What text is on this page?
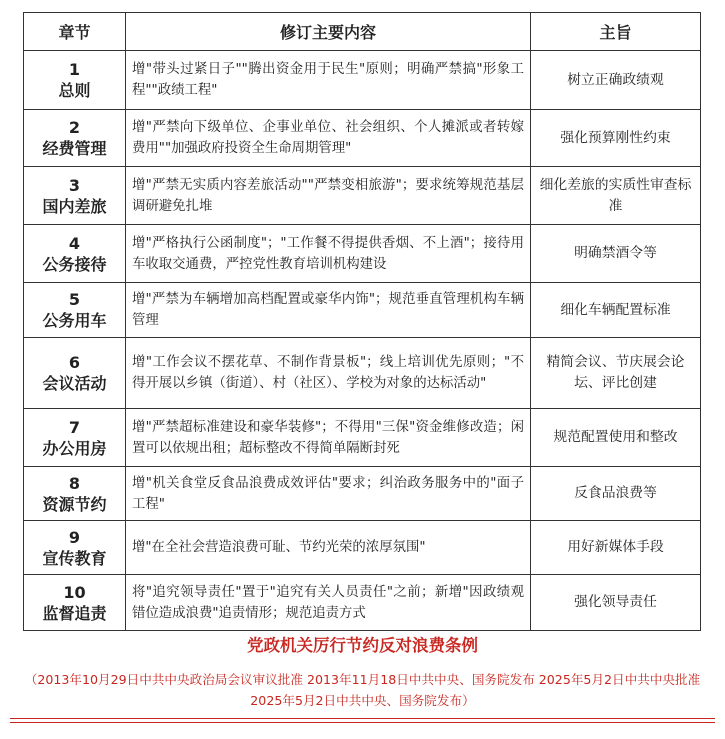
章节	修订主要内容	主旨

1
总则	增"带头过紧日子""腾出资金用于民生"原则；明确严禁搞"形象工程""政绩工程"	树立正确政绩观

2
经费管理	增"严禁向下级单位、企事业单位、社会组织、个人摊派或者转嫁费用""加强政府投资全生命周期管理"	强化预算刚性约束

3
国内差旅	增"严禁无实质内容差旅活动""严禁变相旅游"；要求统筹规范基层调研避免扎堆	细化差旅的实质性审查标准

4
公务接待	增"严格执行公函制度"；"工作餐不得提供香烟、不上酒"；接待用车收取交通费，严控党性教育培训机构建设	明确禁酒令等

5
公务用车	增"严禁为车辆增加高档配置或豪华内饰"；规范垂直管理机构车辆管理	细化车辆配置标准

6
会议活动	增"工作会议不摆花草、不制作背景板"；线上培训优先原则；"不得开展以乡镇（街道）、村（社区）、学校为对象的达标活动"	精简会议、节庆展会论坛、评比创建

7
办公用房	增"严禁超标准建设和豪华装修"；不得用"三保"资金维修改造；闲置可以依规出租；超标整改不得简单隔断封死	规范配置使用和整改

8
资源节约	增"机关食堂反食品浪费成效评估"要求；纠治政务服务中的"面子工程"	反食品浪费等

9
宣传教育	增"在全社会营造浪费可耻、节约光荣的浓厚氛围"	用好新媒体手段

10
监督追责	将"追究领导责任"置于"追究有关人员责任"之前；新增"因政绩观错位造成浪费"追责情形；规范追责方式	强化领导责任
党政机关厉行节约反对浪费条例

（2013年10月29日中共中央政治局会议审议批准 2013年11月18日中共中央、国务院发布 2025年5月2日中共中央批准 2025年5月2日中共中央、国务院发布）
